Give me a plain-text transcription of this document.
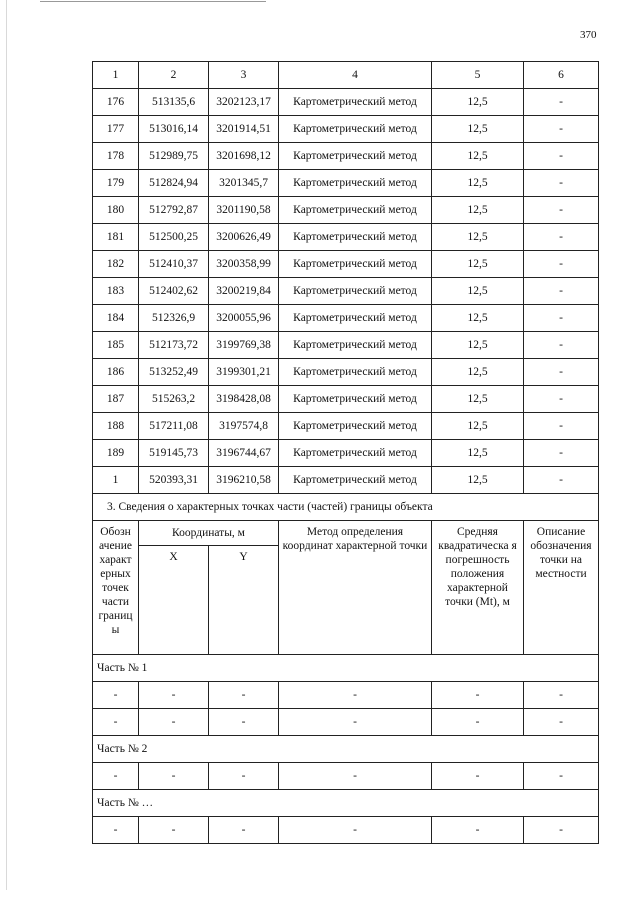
370
1	2	3	4	5	6
176	513135,6	3202123,17	Картометрический метод	12,5	-
177	513016,14	3201914,51	Картометрический метод	12,5	-
178	512989,75	3201698,12	Картометрический метод	12,5	-
179	512824,94	3201345,7	Картометрический метод	12,5	-
180	512792,87	3201190,58	Картометрический метод	12,5	-
181	512500,25	3200626,49	Картометрический метод	12,5	-
182	512410,37	3200358,99	Картометрический метод	12,5	-
183	512402,62	3200219,84	Картометрический метод	12,5	-
184	512326,9	3200055,96	Картометрический метод	12,5	-
185	512173,72	3199769,38	Картометрический метод	12,5	-
186	513252,49	3199301,21	Картометрический метод	12,5	-
187	515263,2	3198428,08	Картометрический метод	12,5	-
188	517211,08	3197574,8	Картометрический метод	12,5	-
189	519145,73	3196744,67	Картометрический метод	12,5	-
1	520393,31	3196210,58	Картометрический метод	12,5	-
3. Сведения о характерных точках части (частей) границы объекта					
Обозн ачение характ ерных точек части границ ы	Координаты, м		Метод определения координат характерной точки	Средняя квадратическа я погрешность положения характерной точки (Mt), м	Описание обозначения точки на местности
	X	Y			
Часть № 1					
-	-	-	-	-	-
-	-	-	-	-	-
Часть № 2					
-	-	-	-	-	-
Часть № …					
-	-	-	-	-	-
